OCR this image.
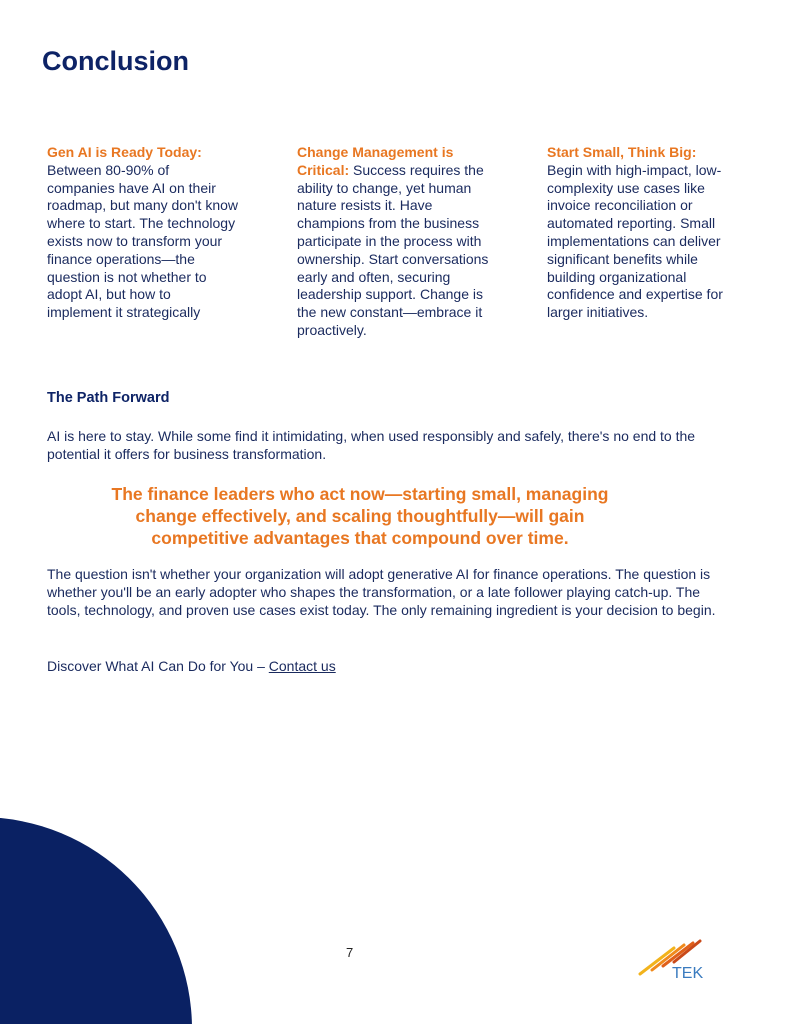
Conclusion
Gen AI is Ready Today:
Between 80-90% of companies have AI on their roadmap, but many don't know where to start. The technology exists now to transform your finance operations—the question is not whether to adopt AI, but how to implement it strategically
Change Management is Critical: Success requires the ability to change, yet human nature resists it. Have champions from the business participate in the process with ownership. Start conversations early and often, securing leadership support. Change is the new constant—embrace it proactively.
Start Small, Think Big:
Begin with high-impact, low-complexity use cases like invoice reconciliation or automated reporting. Small implementations can deliver significant benefits while building organizational confidence and expertise for larger initiatives.
The Path Forward

AI is here to stay. While some find it intimidating, when used responsibly and safely, there's no end to the potential it offers for business transformation.

The finance leaders who act now—starting small, managing change effectively, and scaling thoughtfully—will gain competitive advantages that compound over time.

The question isn't whether your organization will adopt generative AI for finance operations. The question is whether you'll be an early adopter who shapes the transformation, or a late follower playing catch-up. The tools, technology, and proven use cases exist today. The only remaining ingredient is your decision to begin.

Discover What AI Can Do for You – Contact us
7
TEK
